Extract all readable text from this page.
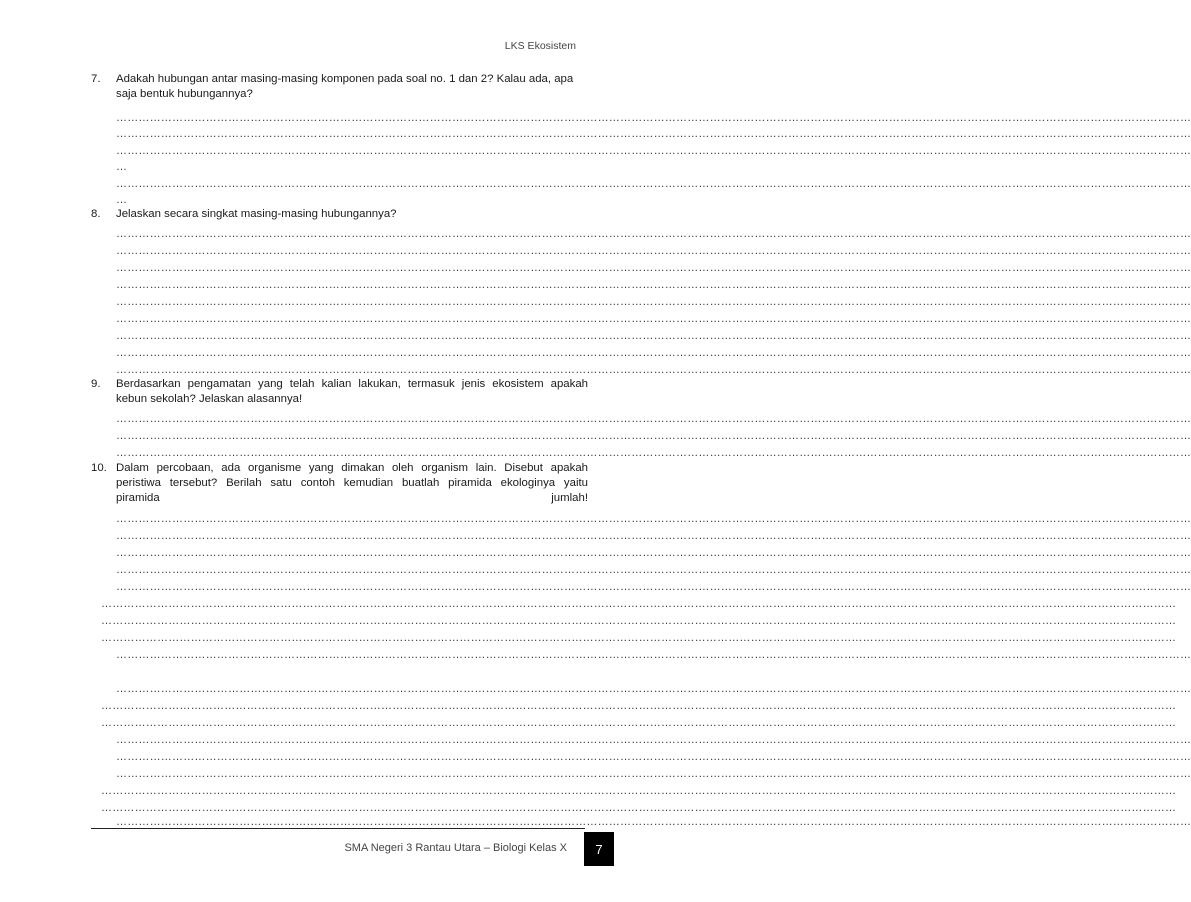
LKS Ekosistem
7. Adakah hubungan antar masing-masing komponen pada soal no. 1 dan 2? Kalau ada, apa
saja bentuk hubungannya?
………………………………………………………………………………………………………………………………………………………………………………………………………………………………………………………………
………………………………………………………………………………………………………………………………………………………………………………………………………………………………………………………………
………………………………………………………………………………………………………………………………………………………………………………………………………………………………………………………………
…
………………………………………………………………………………………………………………………………………………………………………………………………………………………………………………………………
…
8. Jelaskan secara singkat masing-masing hubungannya?
………………………………………………………………………………………………………………………………………………………………………………………………………………………………………………………………
………………………………………………………………………………………………………………………………………………………………………………………………………………………………………………………………
………………………………………………………………………………………………………………………………………………………………………………………………………………………………………………………………
………………………………………………………………………………………………………………………………………………………………………………………………………………………………………………………………
………………………………………………………………………………………………………………………………………………………………………………………………………………………………………………………………
………………………………………………………………………………………………………………………………………………………………………………………………………………………………………………………………
………………………………………………………………………………………………………………………………………………………………………………………………………………………………………………………………
………………………………………………………………………………………………………………………………………………………………………………………………………………………………………………………………
………………………………………………………………………………………………………………………………………………………………………………………………………………………………………………………………
9. Berdasarkan pengamatan yang telah kalian lakukan, termasuk jenis ekosistem apakah
kebun sekolah? Jelaskan alasannya!
………………………………………………………………………………………………………………………………………………………………………………………………………………………………………………………………
………………………………………………………………………………………………………………………………………………………………………………………………………………………………………………………………
………………………………………………………………………………………………………………………………………………………………………………………………………………………………………………………………
10. Dalam percobaan, ada organisme yang dimakan oleh organism lain. Disebut apakah
peristiwa tersebut? Berilah satu contoh kemudian buatlah piramida ekologinya yaitu
piramida	jumlah!
………………………………………………………………………………………………………………………………………………………………………………………………………………………………………………………………
………………………………………………………………………………………………………………………………………………………………………………………………………………………………………………………………
………………………………………………………………………………………………………………………………………………………………………………………………………………………………………………………………
………………………………………………………………………………………………………………………………………………………………………………………………………………………………………………………………
………………………………………………………………………………………………………………………………………………………………………………………………………………………………………………………………
………………………………………………………………………………………………………………………………………………………………………………………………………………………………………………………………
………………………………………………………………………………………………………………………………………………………………………………………………………………………………………………………………
………………………………………………………………………………………………………………………………………………………………………………………………………………………………………………………………
………………………………………………………………………………………………………………………………………………………………………………………………………………………………………………………………
………………………………………………………………………………………………………………………………………………………………………………………………………………………………………………………………
………………………………………………………………………………………………………………………………………………………………………………………………………………………………………………………………
………………………………………………………………………………………………………………………………………………………………………………………………………………………………………………………………
………………………………………………………………………………………………………………………………………………………………………………………………………………………………………………………………
………………………………………………………………………………………………………………………………………………………………………………………………………………………………………………………………
………………………………………………………………………………………………………………………………………………………………………………………………………………………………………………………………
………………………………………………………………………………………………………………………………………………………………………………………………………………………………………………………………
………………………………………………………………………………………………………………………………………………………………………………………………………………………………………………………………
………………………………………………………………………………………………………………………………………………………………………………………………………………………………………………………………
SMA Negeri 3 Rantau Utara – Biologi Kelas X 7
